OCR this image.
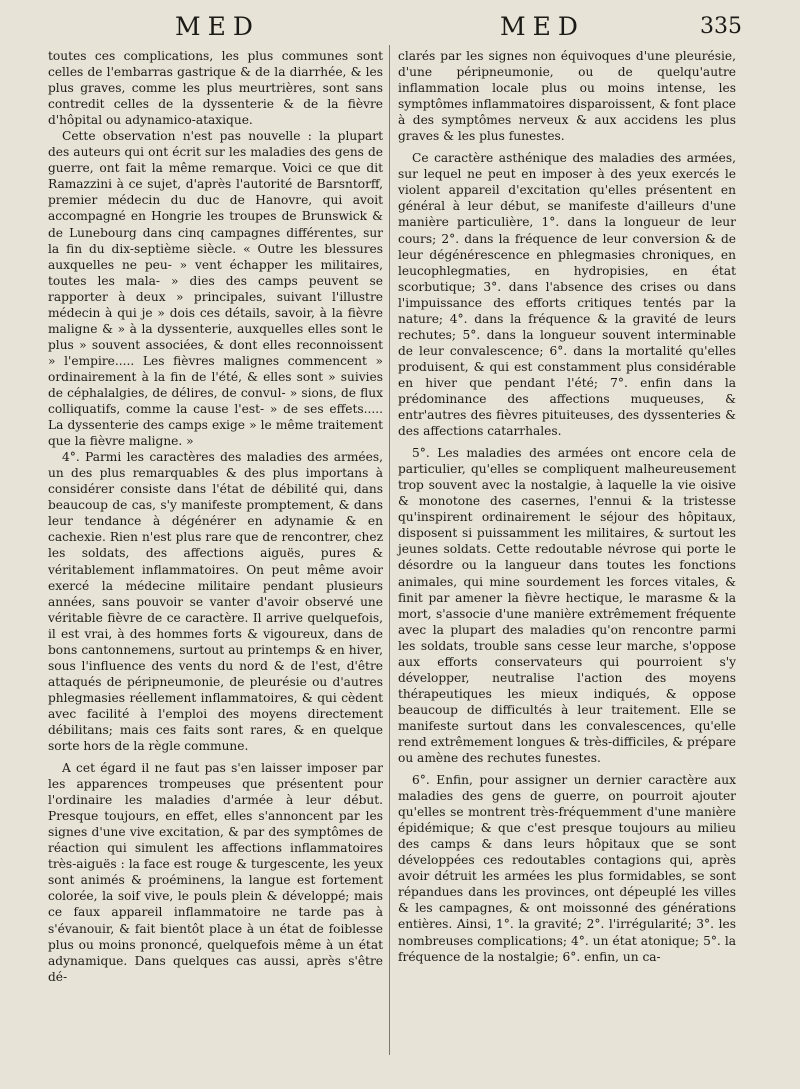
MED	MED	335

toutes ces complications, les plus communes sont celles de l'embarras gastrique & de la diarrhée, & les plus graves, comme les plus meurtrières, sont sans contredit celles de la dyssenterie & de la fièvre d'hôpital ou adynamico-ataxique.

Cette observation n'est pas nouvelle : la plupart des auteurs qui ont écrit sur les maladies des gens de guerre, ont fait la même remarque. Voici ce que dit Ramazzini à ce sujet, d'après l'autorité de Barsntorff, premier médecin du duc de Hanovre, qui avoit accompagné en Hongrie les troupes de Brunswick & de Lunebourg dans cinq campagnes différentes, sur la fin du dix-septième siècle. « Outre les blessures auxquelles ne peu- » vent échapper les militaires, toutes les mala- » dies des camps peuvent se rapporter à deux » principales, suivant l'illustre médecin à qui je » dois ces détails, savoir, à la fièvre maligne & » à la dyssenterie, auxquelles elles sont le plus » souvent associées, & dont elles reconnoissent » l'empire..... Les fièvres malignes commencent » ordinairement à la fin de l'été, & elles sont » suivies de céphalalgies, de délires, de convul- » sions, de flux colliquatifs, comme la cause l'est- » de ses effets..... La dyssenterie des camps exige » le même traitement que la fièvre maligne. »

4°. Parmi les caractères des maladies des armées, un des plus remarquables & des plus importans à considérer consiste dans l'état de débilité qui, dans beaucoup de cas, s'y manifeste promptement, & dans leur tendance à dégénérer en adynamie & en cachexie. Rien n'est plus rare que de rencontrer, chez les soldats, des affections aiguës, pures & véritablement inflammatoires. On peut même avoir exercé la médecine militaire pendant plusieurs années, sans pouvoir se vanter d'avoir observé une véritable fièvre de ce caractère. Il arrive quelquefois, il est vrai, à des hommes forts & vigoureux, dans de bons cantonnemens, surtout au printemps & en hiver, sous l'influence des vents du nord & de l'est, d'être attaqués de péripneumonie, de pleurésie ou d'autres phlegmasies réellement inflammatoires, & qui cèdent avec facilité à l'emploi des moyens directement débilitans; mais ces faits sont rares, & en quelque sorte hors de la règle commune.

A cet égard il ne faut pas s'en laisser imposer par les apparences trompeuses que présentent pour l'ordinaire les maladies d'armée à leur début. Presque toujours, en effet, elles s'annoncent par les signes d'une vive excitation, & par des symptômes de réaction qui simulent les affections inflammatoires très-aiguës : la face est rouge & turgescente, les yeux sont animés & proéminens, la langue est fortement colorée, la soif vive, le pouls plein & développé; mais ce faux appareil inflammatoire ne tarde pas à s'évanouir, & fait bientôt place à un état de foiblesse plus ou moins prononcé, quelquefois même à un état adynamique. Dans quelques cas aussi, après s'être dé-

clarés par les signes non équivoques d'une pleurésie, d'une péripneumonie, ou de quelqu'autre inflammation locale plus ou moins intense, les symptômes inflammatoires disparoissent, & font place à des symptômes nerveux & aux accidens les plus graves & les plus funestes.

Ce caractère asthénique des maladies des armées, sur lequel ne peut en imposer à des yeux exercés le violent appareil d'excitation qu'elles présentent en général à leur début, se manifeste d'ailleurs d'une manière particulière, 1°. dans la longueur de leur cours; 2°. dans la fréquence de leur conversion & de leur dégénérescence en phlegmasies chroniques, en leucophlegmaties, en hydropisies, en état scorbutique; 3°. dans l'absence des crises ou dans l'impuissance des efforts critiques tentés par la nature; 4°. dans la fréquence & la gravité de leurs rechutes; 5°. dans la longueur souvent interminable de leur convalescence; 6°. dans la mortalité qu'elles produisent, & qui est constamment plus considérable en hiver que pendant l'été; 7°. enfin dans la prédominance des affections muqueuses, & entr'autres des fièvres pituiteuses, des dyssenteries & des affections catarrhales.

5°. Les maladies des armées ont encore cela de particulier, qu'elles se compliquent malheureusement trop souvent avec la nostalgie, à laquelle la vie oisive & monotone des casernes, l'ennui & la tristesse qu'inspirent ordinairement le séjour des hôpitaux, disposent si puissamment les militaires, & surtout les jeunes soldats. Cette redoutable névrose qui porte le désordre ou la langueur dans toutes les fonctions animales, qui mine sourdement les forces vitales, & finit par amener la fièvre hectique, le marasme & la mort, s'associe d'une manière extrêmement fréquente avec la plupart des maladies qu'on rencontre parmi les soldats, trouble sans cesse leur marche, s'oppose aux efforts conservateurs qui pourroient s'y développer, neutralise l'action des moyens thérapeutiques les mieux indiqués, & oppose beaucoup de difficultés à leur traitement. Elle se manifeste surtout dans les convalescences, qu'elle rend extrêmement longues & très-difficiles, & prépare ou amène des rechutes funestes.

6°. Enfin, pour assigner un dernier caractère aux maladies des gens de guerre, on pourroit ajouter qu'elles se montrent très-fréquemment d'une manière épidémique; & que c'est presque toujours au milieu des camps & dans leurs hôpitaux que se sont développées ces redoutables contagions qui, après avoir détruit les armées les plus formidables, se sont répandues dans les provinces, ont dépeuplé les villes & les campagnes, & ont moissonné des générations entières. Ainsi, 1°. la gravité; 2°. l'irrégularité; 3°. les nombreuses complications; 4°. un état atonique; 5°. la fréquence de la nostalgie; 6°. enfin, un ca-
